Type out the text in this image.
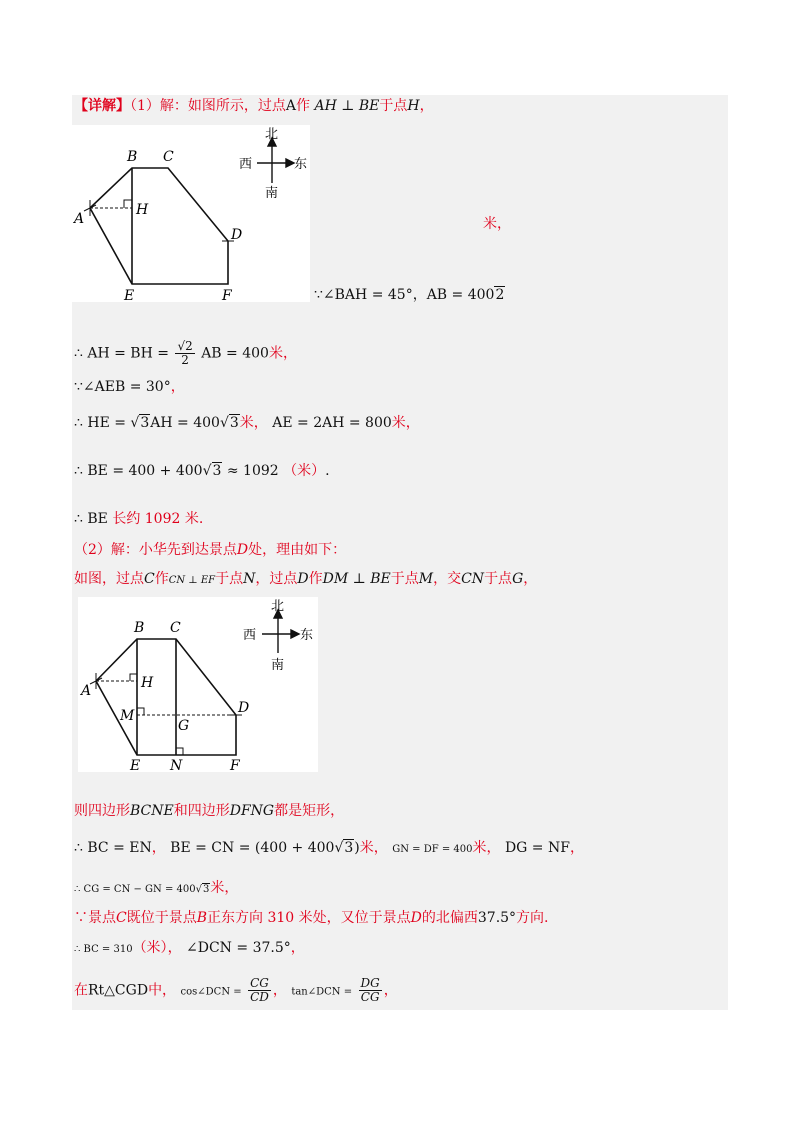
【详解】（1）解：如图所示，过点A作 AH ⊥ BE于点H，
B C
A
H
D
E	F
北
西	东
南
米，
∵∠BAH = 45°，AB = 4002
∴ AH = BH = $\frac{√2}{2}$ AB = 400米，
∵∠AEB = 30°，
∴ HE = √3AH = 400√3米， AE = 2AH = 800米，
∴ BE = 400 + 400√3 ≈ 1092 （米）.
∴ BE 长约 1092 米.
（2）解：小华先到达景点D处，理由如下：
如图，过点C作CN ⊥ EF于点N，过点D作DM ⊥ BE于点M，交CN于点G，
B C
A	H
M
G
D
E N	F
北
西	东
南
则四边形BCNE和四边形DFNG都是矩形，
∴ BC = EN， BE = CN = (400 + 400√3)米， GN = DF = 400米， DG = NF，
∴ CG = CN − GN = 400√3米，
∵景点C既位于景点B正东方向 310 米处，又位于景点D的北偏西37.5°方向.
∴ BC = 310（米）， ∠DCN = 37.5°，
在Rt△CGD中， cos∠DCN = $\frac{CG}{CD}$ ， tan∠DCN = $\frac{DG}{CG}$ ，
